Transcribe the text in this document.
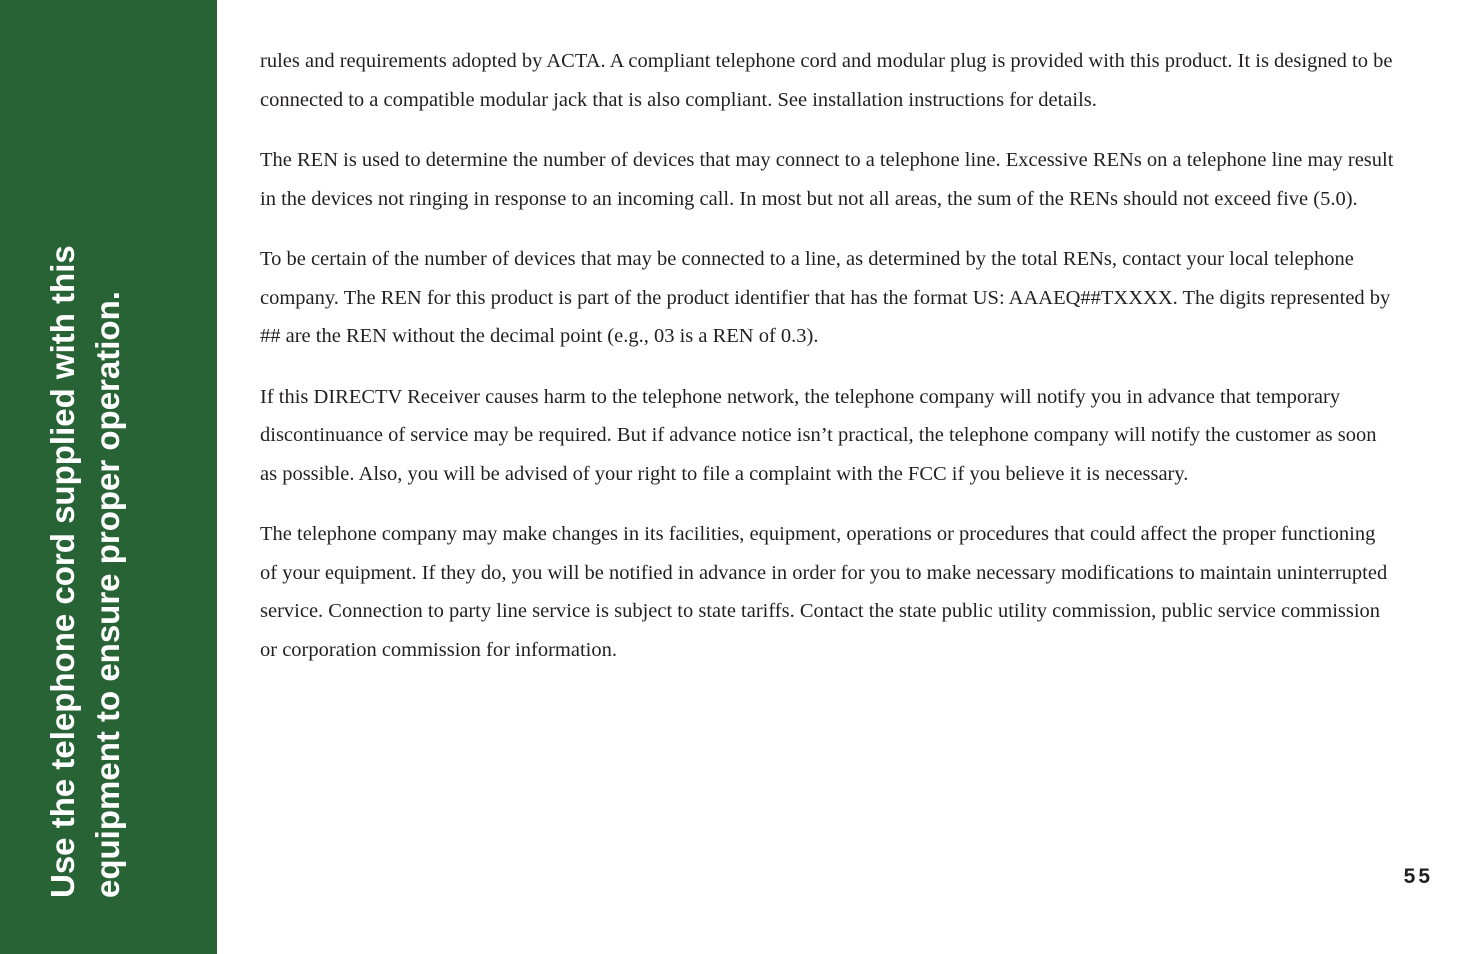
Use the telephone cord supplied with this equipment to ensure proper operation.

rules and requirements adopted by ACTA. A compliant telephone cord and modular plug is provided with this product. It is designed to be connected to a compatible modular jack that is also compliant. See installation instructions for details.

The REN is used to determine the number of devices that may connect to a telephone line. Excessive RENs on a telephone line may result in the devices not ringing in response to an incoming call. In most but not all areas, the sum of the RENs should not exceed five (5.0).

To be certain of the number of devices that may be connected to a line, as determined by the total RENs, contact your local telephone company. The REN for this product is part of the product identifier that has the format US: AAAEQ##TXXXX. The digits represented by ## are the REN without the decimal point (e.g., 03 is a REN of 0.3).

If this DIRECTV Receiver causes harm to the telephone network, the telephone company will notify you in advance that temporary discontinuance of service may be required. But if advance notice isn’t practical, the telephone company will notify the customer as soon as possible. Also, you will be advised of your right to file a complaint with the FCC if you believe it is necessary.

The telephone company may make changes in its facilities, equipment, operations or procedures that could affect the proper functioning of your equipment. If they do, you will be notified in advance in order for you to make necessary modifications to maintain uninterrupted service. Connection to party line service is subject to state tariffs. Contact the state public utility commission, public service commission or corporation commission for information.

55
